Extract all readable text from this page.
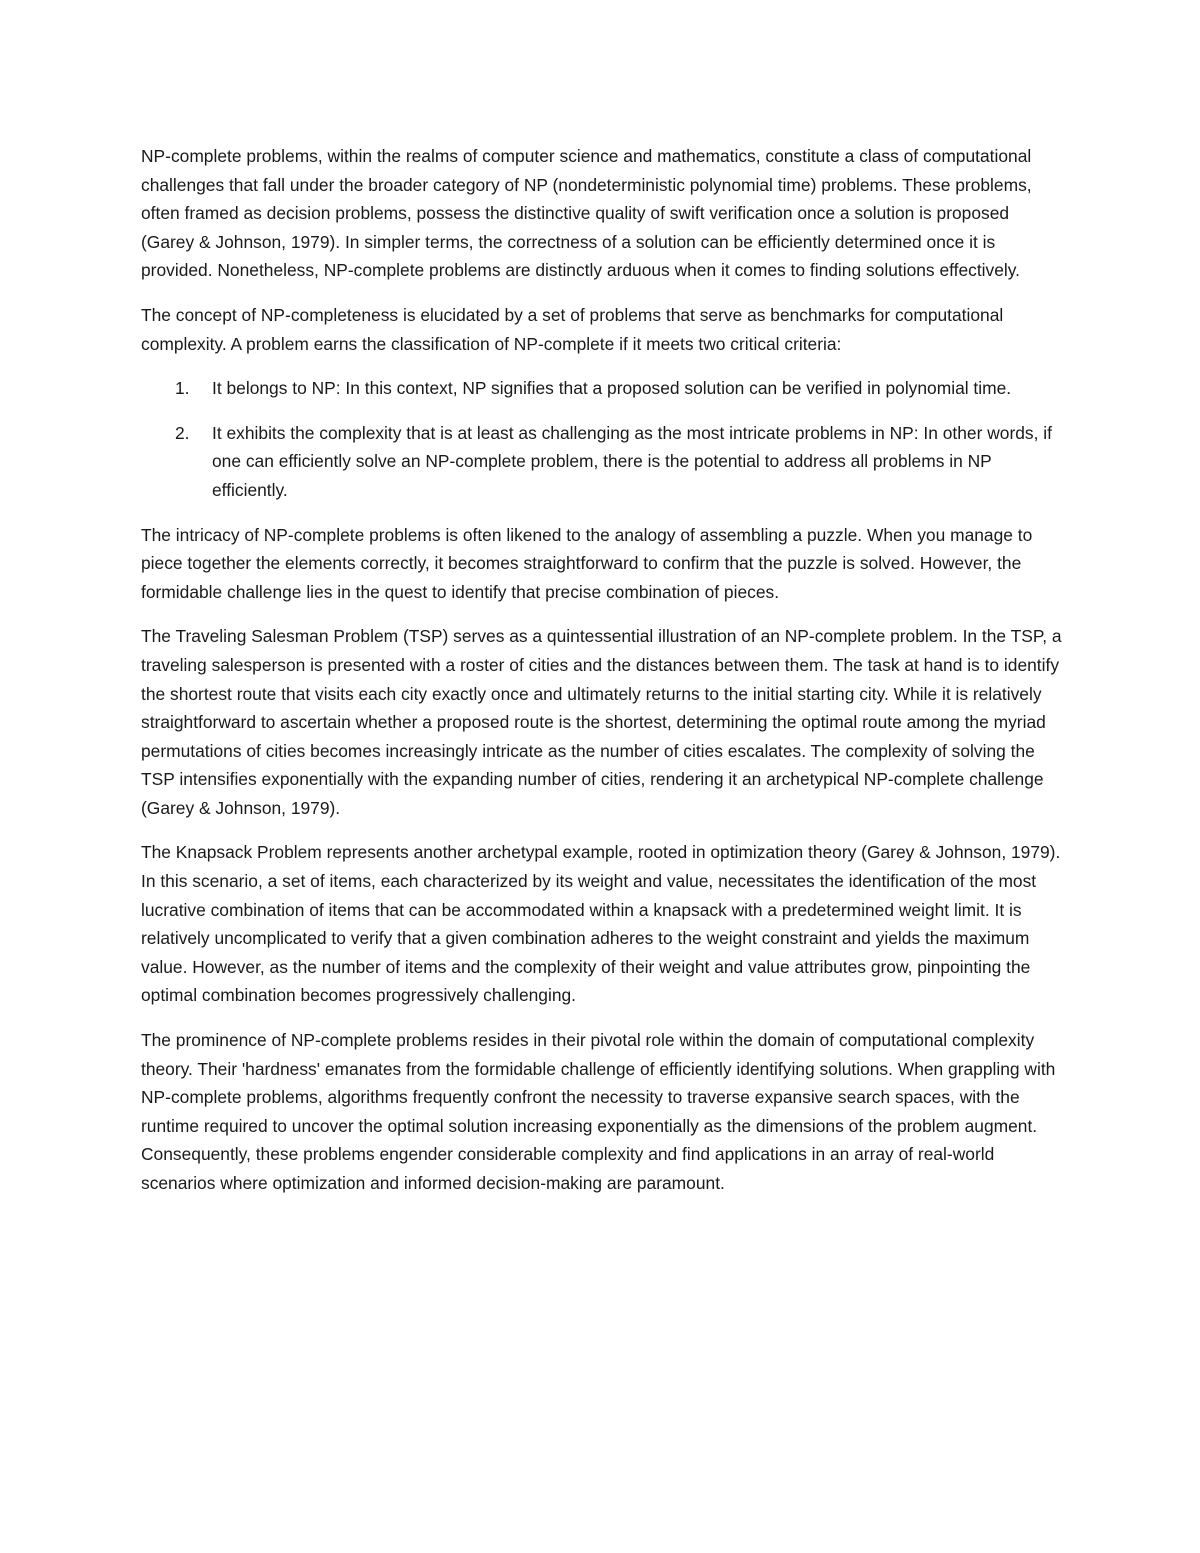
NP-complete problems, within the realms of computer science and mathematics, constitute a class of computational challenges that fall under the broader category of NP (nondeterministic polynomial time) problems. These problems, often framed as decision problems, possess the distinctive quality of swift verification once a solution is proposed (Garey & Johnson, 1979). In simpler terms, the correctness of a solution can be efficiently determined once it is provided. Nonetheless, NP-complete problems are distinctly arduous when it comes to finding solutions effectively.

The concept of NP-completeness is elucidated by a set of problems that serve as benchmarks for computational complexity. A problem earns the classification of NP-complete if it meets two critical criteria:

1. It belongs to NP: In this context, NP signifies that a proposed solution can be verified in polynomial time.
2. It exhibits the complexity that is at least as challenging as the most intricate problems in NP: In other words, if one can efficiently solve an NP-complete problem, there is the potential to address all problems in NP efficiently.

The intricacy of NP-complete problems is often likened to the analogy of assembling a puzzle. When you manage to piece together the elements correctly, it becomes straightforward to confirm that the puzzle is solved. However, the formidable challenge lies in the quest to identify that precise combination of pieces.

The Traveling Salesman Problem (TSP) serves as a quintessential illustration of an NP-complete problem. In the TSP, a traveling salesperson is presented with a roster of cities and the distances between them. The task at hand is to identify the shortest route that visits each city exactly once and ultimately returns to the initial starting city. While it is relatively straightforward to ascertain whether a proposed route is the shortest, determining the optimal route among the myriad permutations of cities becomes increasingly intricate as the number of cities escalates. The complexity of solving the TSP intensifies exponentially with the expanding number of cities, rendering it an archetypical NP-complete challenge (Garey & Johnson, 1979).

The Knapsack Problem represents another archetypal example, rooted in optimization theory (Garey & Johnson, 1979). In this scenario, a set of items, each characterized by its weight and value, necessitates the identification of the most lucrative combination of items that can be accommodated within a knapsack with a predetermined weight limit. It is relatively uncomplicated to verify that a given combination adheres to the weight constraint and yields the maximum value. However, as the number of items and the complexity of their weight and value attributes grow, pinpointing the optimal combination becomes progressively challenging.

The prominence of NP-complete problems resides in their pivotal role within the domain of computational complexity theory. Their 'hardness' emanates from the formidable challenge of efficiently identifying solutions. When grappling with NP-complete problems, algorithms frequently confront the necessity to traverse expansive search spaces, with the runtime required to uncover the optimal solution increasing exponentially as the dimensions of the problem augment. Consequently, these problems engender considerable complexity and find applications in an array of real-world scenarios where optimization and informed decision-making are paramount.
